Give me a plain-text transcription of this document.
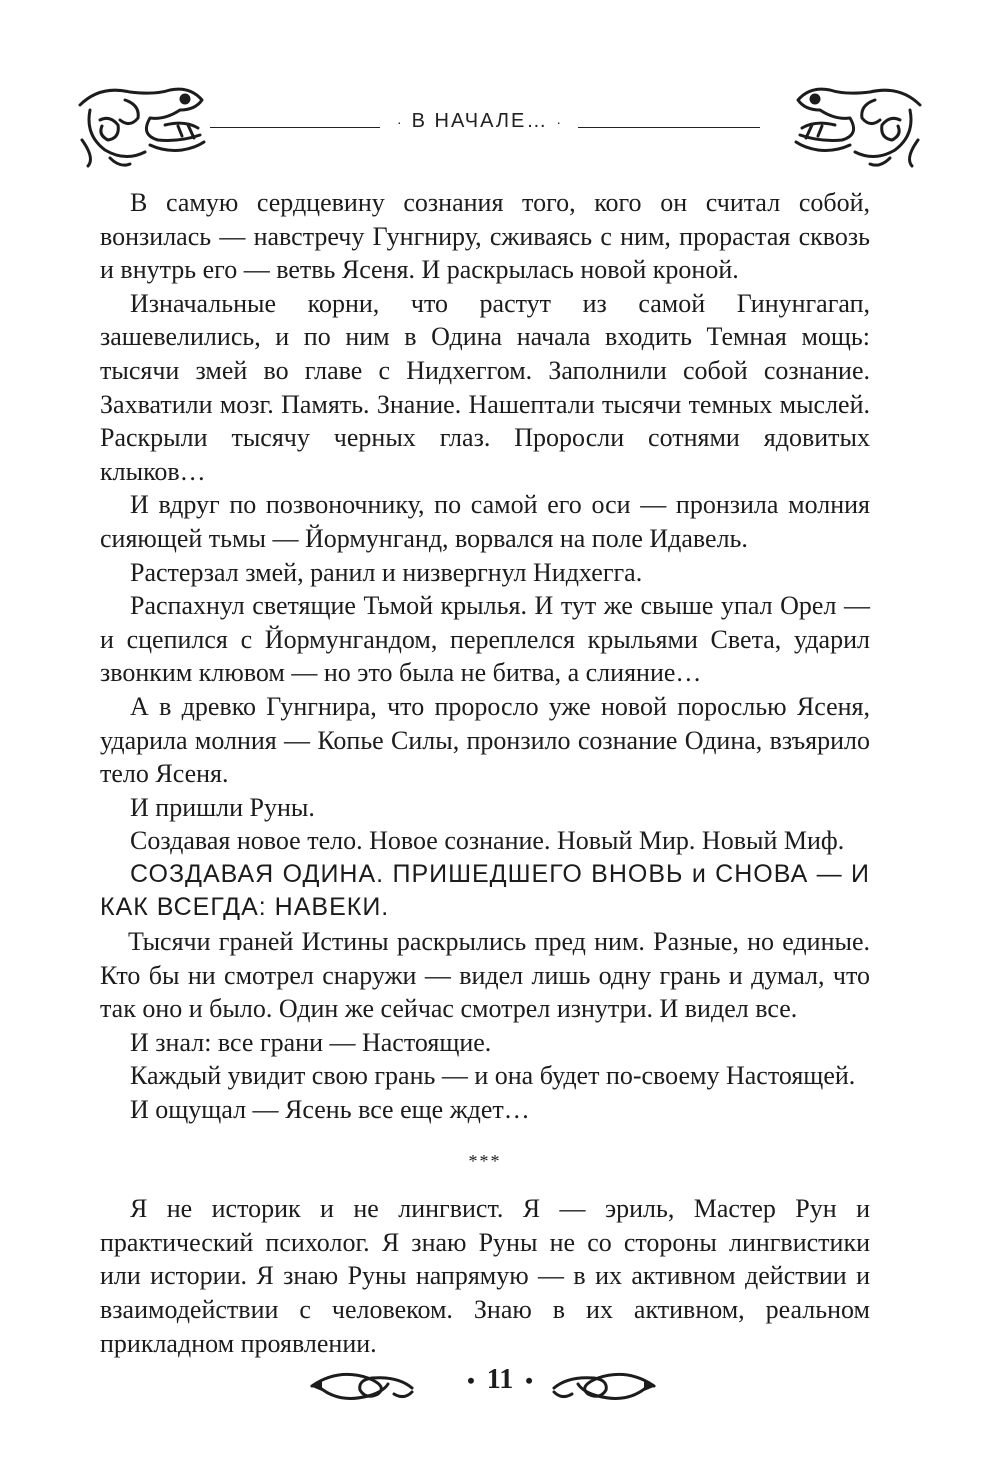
· В НАЧАЛЕ… ·

В самую сердцевину сознания того, кого он считал собой, вонзилась — навстречу Гунгниру, сживаясь с ним, прорастая сквозь и внутрь его — ветвь Ясеня. И раскрылась новой кроной.

Изначальные корни, что растут из самой Гинунгагап, зашевелились, и по ним в Одина начала входить Темная мощь: тысячи змей во главе с Нидхеггом. Заполнили собой сознание. Захватили мозг. Память. Знание. Нашептали тысячи темных мыслей. Раскрыли тысячу черных глаз. Проросли сотнями ядовитых клыков…

И вдруг по позвоночнику, по самой его оси — пронзила молния сияющей тьмы — Йормунганд, ворвался на поле Идавель.

Растерзал змей, ранил и низвергнул Нидхегга.

Распахнул светящие Тьмой крылья. И тут же свыше упал Орел — и сцепился с Йормунгандом, переплелся крыльями Света, ударил звонким клювом — но это была не битва, а слияние…

А в древко Гунгнира, что проросло уже новой порослью Ясеня, ударила молния — Копье Силы, пронзило сознание Одина, взъярило тело Ясеня.

И пришли Руны.

Создавая новое тело. Новое сознание. Новый Мир. Новый Миф.

СОЗДАВАЯ ОДИНА. ПРИШЕДШЕГО ВНОВЬ и СНОВА — И КАК ВСЕГДА: НАВЕКИ.

Тысячи граней Истины раскрылись пред ним. Разные, но единые. Кто бы ни смотрел снаружи — видел лишь одну грань и думал, что так оно и было. Один же сейчас смотрел изнутри. И видел все.

И знал: все грани — Настоящие.

Каждый увидит свою грань — и она будет по-своему Настоящей.

И ощущал — Ясень все еще ждет…

***

Я не историк и не лингвист. Я — эриль, Мастер Рун и практический психолог. Я знаю Руны не со стороны лингвистики или истории. Я знаю Руны напрямую — в их активном действии и взаимодействии с человеком. Знаю в их активном, реальном прикладном проявлении.

• 11 •
